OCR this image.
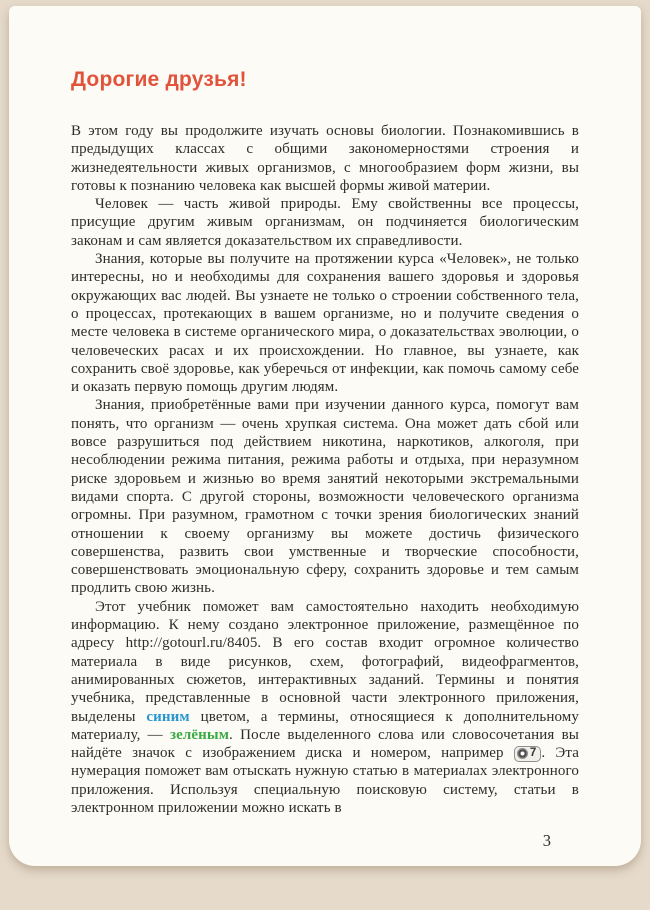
Дорогие друзья!

В этом году вы продолжите изучать основы биологии. Познакомившись в предыдущих классах с общими закономерностями строения и жизнедеятельности живых организмов, с многообразием форм жизни, вы готовы к познанию человека как высшей формы живой материи.

Человек — часть живой природы. Ему свойственны все процессы, присущие другим живым организмам, он подчиняется биологическим законам и сам является доказательством их справедливости.

Знания, которые вы получите на протяжении курса «Человек», не только интересны, но и необходимы для сохранения вашего здоровья и здоровья окружающих вас людей. Вы узнаете не только о строении собственного тела, о процессах, протекающих в вашем организме, но и получите сведения о месте человека в системе органического мира, о доказательствах эволюции, о человеческих расах и их происхождении. Но главное, вы узнаете, как сохранить своё здоровье, как уберечься от инфекции, как помочь самому себе и оказать первую помощь другим людям.

Знания, приобретённые вами при изучении данного курса, помогут вам понять, что организм — очень хрупкая система. Она может дать сбой или вовсе разрушиться под действием никотина, наркотиков, алкоголя, при несоблюдении режима питания, режима работы и отдыха, при неразумном риске здоровьем и жизнью во время занятий некоторыми экстремальными видами спорта. С другой стороны, возможности человеческого организма огромны. При разумном, грамотном с точки зрения биологических знаний отношении к своему организму вы можете достичь физического совершенства, развить свои умственные и творческие способности, совершенствовать эмоциональную сферу, сохранить здоровье и тем самым продлить свою жизнь.

Этот учебник поможет вам самостоятельно находить необходимую информацию. К нему создано электронное приложение, размещённое по адресу http://gotourl.ru/8405. В его состав входит огромное количество материала в виде рисунков, схем, фотографий, видеофрагментов, анимированных сюжетов, интерактивных заданий. Термины и понятия учебника, представленные в основной части электронного приложения, выделены синим цветом, а термины, относящиеся к дополнительному материалу, — зелёным. После выделенного слова или словосочетания вы найдёте значок с изображением диска и номером, например 7 . Эта нумерация поможет вам отыскать нужную статью в материалах электронного приложения. Используя специальную поисковую систему, статьи в электронном приложении можно искать в

3
